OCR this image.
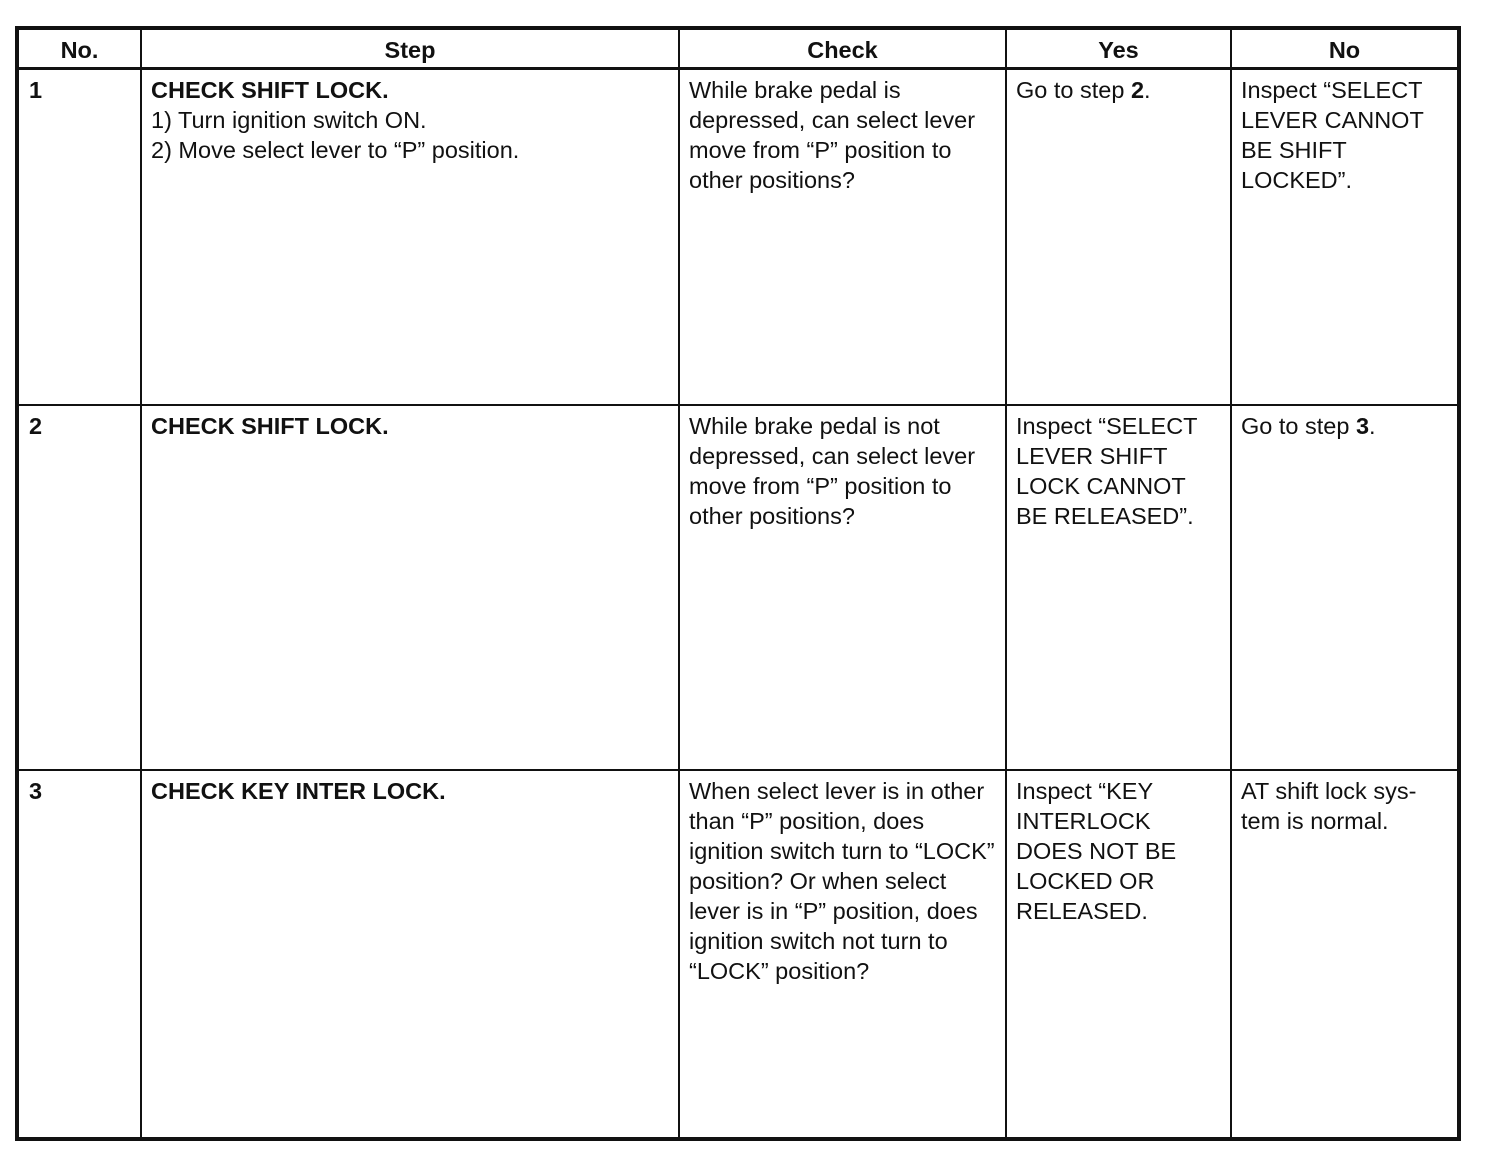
No.	Step	Check	Yes	No

1	CHECK SHIFT LOCK.
1) Turn ignition switch ON.
2) Move select lever to “P” position.	While brake pedal is depressed, can select lever move from “P” position to other positions?	Go to step 2.	Inspect “SELECT LEVER CANNOT BE SHIFT LOCKED”.

2	CHECK SHIFT LOCK.	While brake pedal is not depressed, can select lever move from “P” position to other positions?	Inspect “SELECT LEVER SHIFT LOCK CANNOT BE RELEASED”.	Go to step 3.

3	CHECK KEY INTER LOCK.	When select lever is in other than “P” position, does ignition switch turn to “LOCK” position? Or when select lever is in “P” position, does ignition switch not turn to “LOCK” position?	Inspect “KEY INTERLOCK DOES NOT BE LOCKED OR RELEASED.	AT shift lock sys-tem is normal.
